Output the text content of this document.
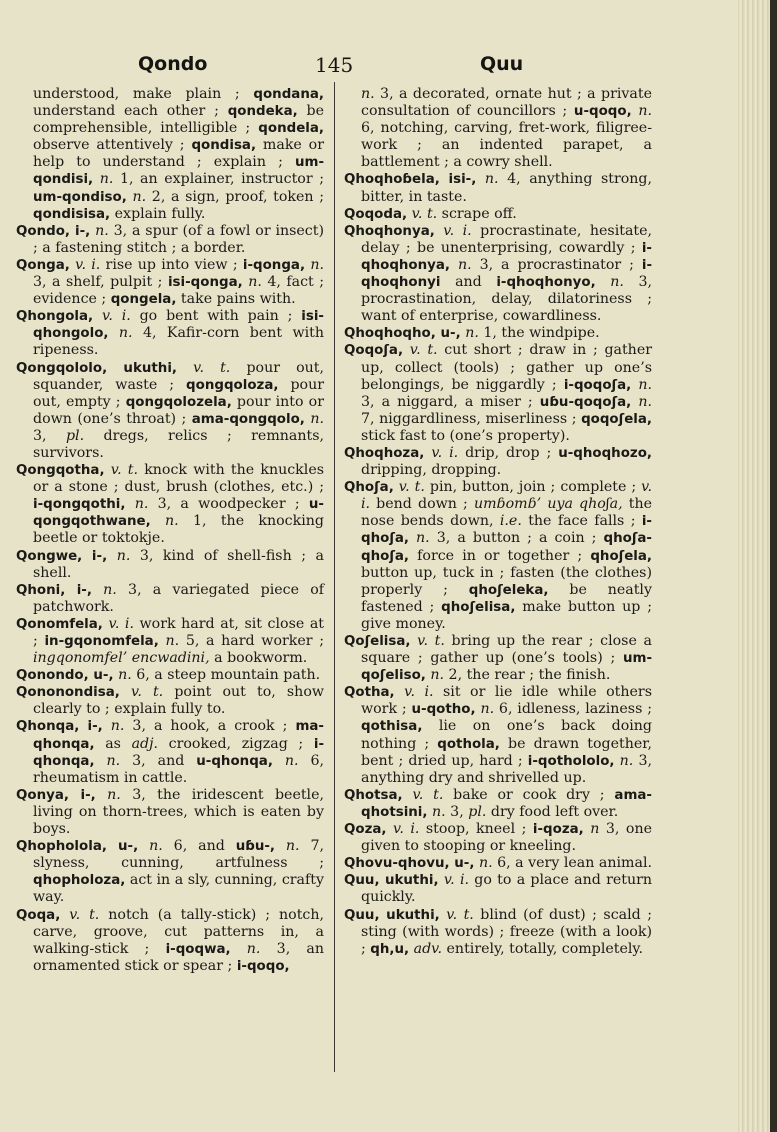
Qondo	145	Quu

understood, make plain ; qondana, understand each other ; qondeka, be comprehensible, intelligible ; qondela, observe attentively ; qondisa, make or help to understand ; explain ; um-qondisi, n. 1, an explainer, instructor ; um-qondiso, n. 2, a sign, proof, token ; qondisisa, explain fully.

Qondo, i-, n. 3, a spur (of a fowl or insect) ; a fastening stitch ; a border.

Qonga, v. i. rise up into view ; i-qonga, n. 3, a shelf, pulpit ; isi-qonga, n. 4, fact ; evidence ; qongela, take pains with.

Qhongola, v. i. go bent with pain ; isi-qhongolo, n. 4, Kafir-corn bent with ripeness.

Qongqololo, ukuthi, v. t. pour out, squander, waste ; qongqoloza, pour out, empty ; qongqolozela, pour into or down (one’s throat) ; ama-qongqolo, n. 3, pl. dregs, relics ; remnants, survivors.

Qongqotha, v. t. knock with the knuckles or a stone ; dust, brush (clothes, etc.) ; i-qongqothi, n. 3, a woodpecker ; u-qongqothwane, n. 1, the knocking beetle or toktokje.

Qongwe, i-, n. 3, kind of shell-fish ; a shell.

Qhoni, i-, n. 3, a variegated piece of patchwork.

Qonomfela, v. i. work hard at, sit close at ; in-gqonomfela, n. 5, a hard worker ; ingqonomfel’ encwadini, a bookworm.

Qonondo, u-, n. 6, a steep mountain path.

Qononondisa, v. t. point out to, show clearly to ; explain fully to.

Qhonqa, i-, n. 3, a hook, a crook ; ma-qhonqa, as adj. crooked, zigzag ; i-qhonqa, n. 3, and u-qhonqa, n. 6, rheumatism in cattle.

Qonya, i-, n. 3, the iridescent beetle, living on thorn-trees, which is eaten by boys.

Qhopholola, u-, n. 6, and uɓu-, n. 7, slyness, cunning, artfulness ; qhopholoza, act in a sly, cunning, crafty way.

Qoqa, v. t. notch (a tally-stick) ; notch, carve, groove, cut patterns in, a walking-stick ; i-qoqwa, n. 3, an ornamented stick or spear ; i-qoqo,

n. 3, a decorated, ornate hut ; a private consultation of councillors ; u-qoqo, n. 6, notching, carving, fret-work, filigree-work ; an indented parapet, a battlement ; a cowry shell.

Qhoqhoɓela, isi-, n. 4, anything strong, bitter, in taste.

Qoqoda, v. t. scrape off.

Qhoqhonya, v. i. procrastinate, hesitate, delay ; be unenterprising, cowardly ; i-qhoqhonya, n. 3, a procrastinator ; i-qhoqhonyi and i-qhoqhonyo, n. 3, procrastination, delay, dilatoriness ; want of enterprise, cowardliness.

Qhoqhoqho, u-, n. 1, the windpipe.

Qoqoʃa, v. t. cut short ; draw in ; gather up, collect (tools) ; gather up one’s belongings, be niggardly ; i-qoqoʃa, n. 3, a niggard, a miser ; uɓu-qoqoʃa, n. 7, niggardliness, miserliness ; qoqoʃela, stick fast to (one’s property).

Qhoqhoza, v. i. drip, drop ; u-qhoqhozo, dripping, dropping.

Qhoʃa, v. t. pin, button, join ; complete ; v. i. bend down ; umɓomɓ’ uya qhoʃa, the nose bends down, i.e. the face falls ; i-qhoʃa, n. 3, a button ; a coin ; qhoʃa-qhoʃa, force in or together ; qhoʃela, button up, tuck in ; fasten (the clothes) properly ; qhoʃeleka, be neatly fastened ; qhoʃelisa, make button up ; give money.

Qoʃelisa, v. t. bring up the rear ; close a square ; gather up (one’s tools) ; um-qoʃeliso, n. 2, the rear ; the finish.

Qotha, v. i. sit or lie idle while others work ; u-qotho, n. 6, idleness, laziness ; qothisa, lie on one’s back doing nothing ; qothola, be drawn together, bent ; dried up, hard ; i-qothololo, n. 3, anything dry and shrivelled up.

Qhotsa, v. t. bake or cook dry ; ama-qhotsini, n. 3, pl. dry food left over.

Qoza, v. i. stoop, kneel ; i-qoza, n 3, one given to stooping or kneeling.

Qhovu-qhovu, u-, n. 6, a very lean animal.

Quu, ukuthi, v. i. go to a place and return quickly.

Quu, ukuthi, v. t. blind (of dust) ; scald ; sting (with words) ; freeze (with a look) ; qh,u, adv. entirely, totally, completely.
